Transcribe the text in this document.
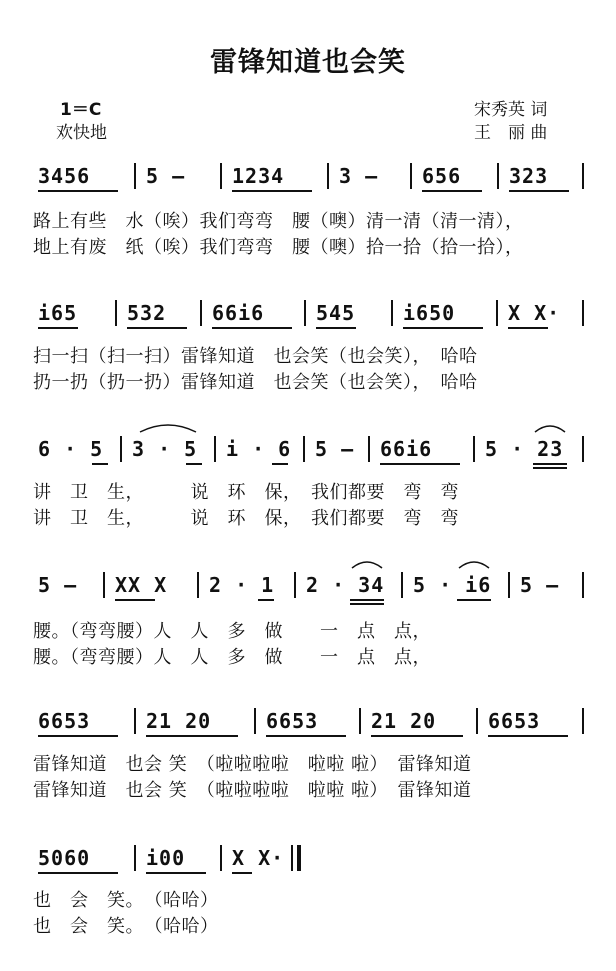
雷锋知道也会笑
1＝C
欢快地
宋秀英 词
王　丽 曲
3456	5 – 1234	3 – 656 323
路上有些　水（唉）我们弯弯　腰（噢）清一清（清一清），
地上有废　纸（唉）我们弯弯　腰（噢）拾一拾（拾一拾），
i65 532 66i6	545 i650	X X·
扫一扫（扫一扫）雷锋知道　也会笑（也会笑），　哈哈
扔一扔（扔一扔）雷锋知道　也会笑（也会笑），　哈哈
6 · 5 3 · 5 i · 6 5 – 66i6	5 · 23
讲　卫　生，　　　说　环　保，　我们都要　弯　弯
讲　卫　生，　　　说　环　保，　我们都要　弯　弯
5 – XX X 2 · 1 2 · 34 5 · i6 5 –
腰。（弯弯腰）人　人　多　做　　一　点　点，
腰。（弯弯腰）人　人　多　做　　一　点　点，
6653	21 20	6653	21 20	6653
雷锋知道　也会 笑　（啦啦啦啦　啦啦 啦）　雷锋知道
雷锋知道　也会 笑　（啦啦啦啦　啦啦 啦）　雷锋知道
5060	i00 X X·
也　会　笑。　（哈哈）
也　会　笑。　（哈哈）
